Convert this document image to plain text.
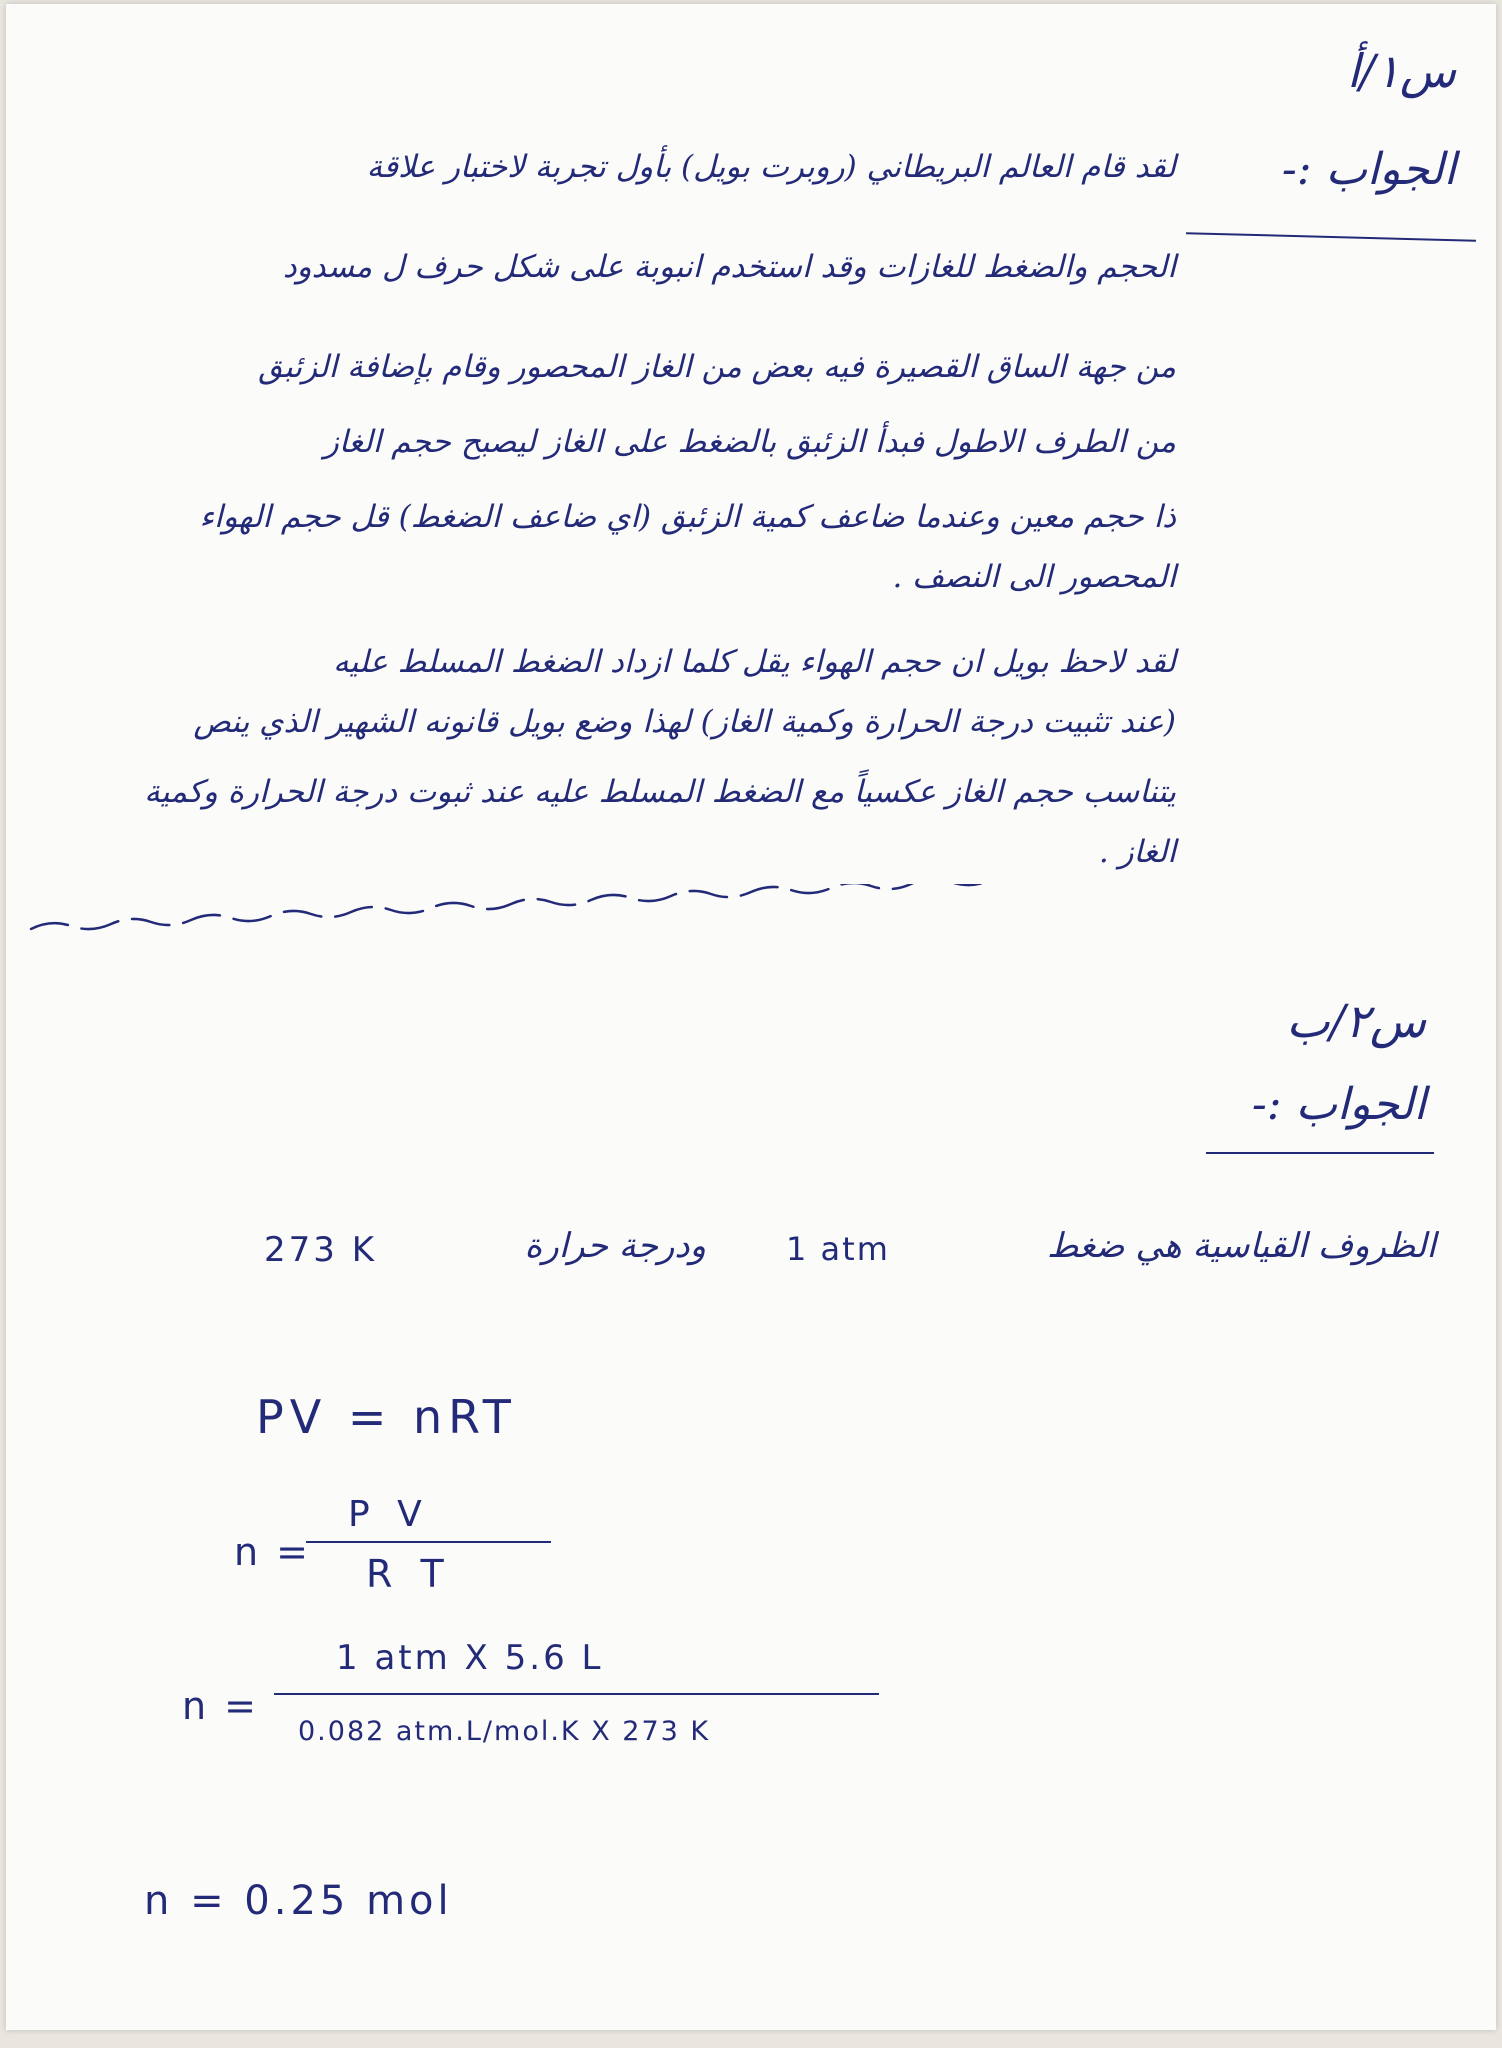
س١/أ
الجواب :-
لقد قام العالم البريطاني (روبرت بويل) بأول تجربة لاختبار علاقة
الحجم والضغط للغازات وقد استخدم انبوبة على شكل حرف ل مسدود
من جهة الساق القصيرة فيه بعض من الغاز المحصور وقام بإضافة الزئبق
من الطرف الاطول فبدأ الزئبق بالضغط على الغاز ليصبح حجم الغاز
ذا حجم معين وعندما ضاعف كمية الزئبق (اي ضاعف الضغط) قل حجم الهواء
المحصور الى النصف .
لقد لاحظ بويل ان حجم الهواء يقل كلما ازداد الضغط المسلط عليه
(عند تثبيت درجة الحرارة وكمية الغاز) لهذا وضع بويل قانونه الشهير الذي ينص
يتناسب حجم الغاز عكسياً مع الضغط المسلط عليه عند ثبوت درجة الحرارة وكمية
الغاز .
س٢/ب
الجواب :-
الظروف القياسية هي ضغط
1 atm
ودرجة حرارة
273 K
PV = nRT
n =
P V
R T
n =
1 atm X 5.6 L
0.082 atm.L/mol.K X 273 K
n = 0.25 mol
